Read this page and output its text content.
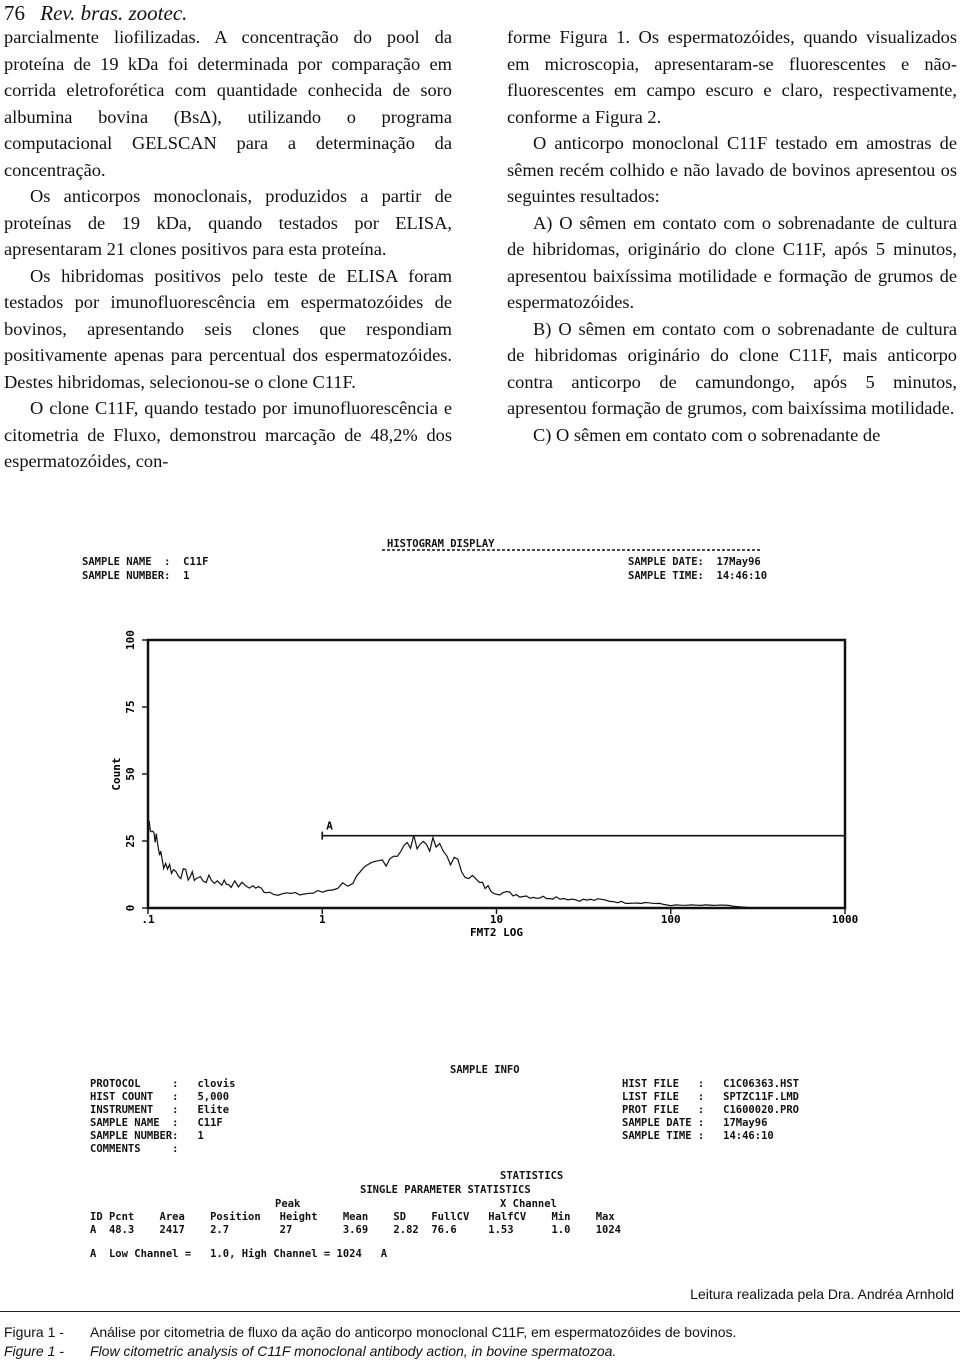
76 Rev. bras. zootec.

parcialmente liofilizadas. A concentração do pool da proteína de 19 kDa foi determinada por comparação em corrida eletroforética com quantidade conhecida de soro albumina bovina (BsΔ), utilizando o programa computacional GELSCAN para a determinação da concentração.

Os anticorpos monoclonais, produzidos a partir de proteínas de 19 kDa, quando testados por ELISA, apresentaram 21 clones positivos para esta proteína.

Os hibridomas positivos pelo teste de ELISA foram testados por imunofluorescência em espermatozóides de bovinos, apresentando seis clones que respondiam positivamente apenas para percentual dos espermatozóides. Destes hibridomas, selecionou-se o clone C11F.

O clone C11F, quando testado por imunofluorescência e citometria de Fluxo, demonstrou marcação de 48,2% dos espermatozóides, con-

forme Figura 1. Os espermatozóides, quando visualizados em microscopia, apresentaram-se fluorescentes e não-fluorescentes em campo escuro e claro, respectivamente, conforme a Figura 2.

O anticorpo monoclonal C11F testado em amostras de sêmen recém colhido e não lavado de bovinos apresentou os seguintes resultados:

A) O sêmen em contato com o sobrenadante de cultura de hibridomas, originário do clone C11F, após 5 minutos, apresentou baixíssima motilidade e formação de grumos de espermatozóides.

B) O sêmen em contato com o sobrenadante de cultura de hibridomas originário do clone C11F, mais anticorpo contra anticorpo de camundongo, após 5 minutos, apresentou formação de grumos, com baixíssima motilidade.

C) O sêmen em contato com o sobrenadante de

HISTOGRAM DISPLAY
SAMPLE NAME  :  C11F
SAMPLE NUMBER:  1
SAMPLE DATE:  17May96
SAMPLE TIME:  14:46:10
0
25
50
75
100
.1	1	10	100	1000
A
Count
FMT2 LOG
SAMPLE INFO
PROTOCOL     :   clovis
HIST COUNT   :   5,000
INSTRUMENT   :   Elite
SAMPLE NAME  :   C11F
SAMPLE NUMBER:   1
COMMENTS     :
HIST FILE   :   C1C06363.HST
LIST FILE   :   SPTZC11F.LMD
PROT FILE   :   C1600020.PRO
SAMPLE DATE :   17May96
SAMPLE TIME :   14:46:10
STATISTICS
SINGLE PARAMETER STATISTICS
Peak	X Channel
ID Pcnt    Area    Position   Height    Mean    SD    FullCV   HalfCV    Min    Max
A  48.3    2417    2.7        27        3.69    2.82  76.6     1.53      1.0    1024
A  Low Channel =   1.0, High Channel = 1024   A
Leitura realizada pela Dra. Andréa Arnhold
Figura 1 - Análise por citometria de fluxo da ação do anticorpo monoclonal C11F, em espermatozóides de bovinos.
Figure 1 - Flow citometric analysis of C11F monoclonal antibody action, in bovine spermatozoa.
